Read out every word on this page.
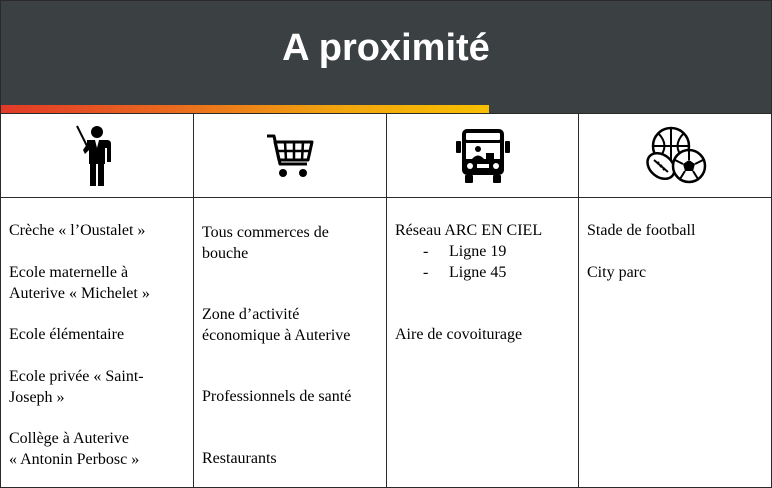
A proximité
Crèche « l’Oustalet »
Ecole maternelle à
Auterive « Michelet »
Ecole élémentaire
Ecole privée « Saint-
Joseph »
Collège à Auterive
« Antonin Perbosc »
Tous commerces de
bouche
Zone d’activité
économique à Auterive
Professionnels de santé
Restaurants
Réseau ARC EN CIEL
- Ligne 19
- Ligne 45
Aire de covoiturage
Stade de football
City parc
